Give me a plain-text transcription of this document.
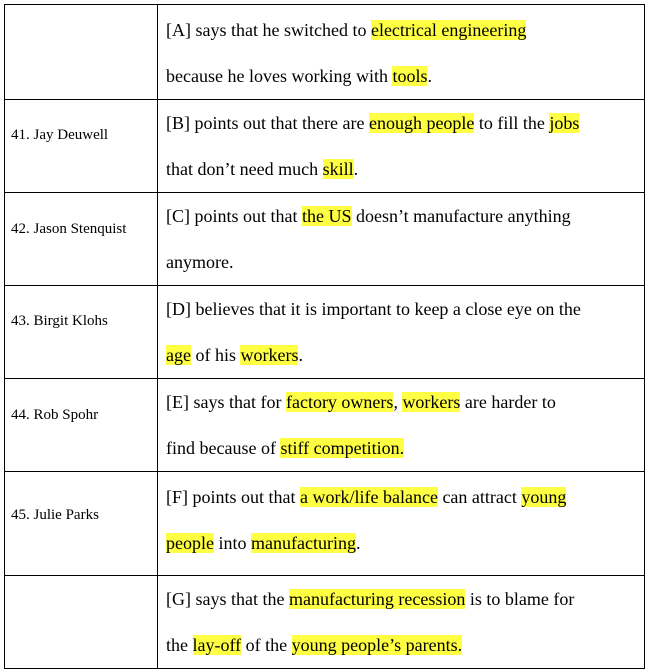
	[A] says that he switched to electrical engineering
because he loves working with tools.

41. Jay Deuwell	[B] points out that there are enough people to fill the jobs
that don’t need much skill.

42. Jason Stenquist	[C] points out that the US doesn’t manufacture anything
anymore.

43. Birgit Klohs	[D] believes that it is important to keep a close eye on the
age of his workers.

44. Rob Spohr	[E] says that for factory owners, workers are harder to
find because of stiff competition.

45. Julie Parks	[F] points out that a work/life balance can attract young
people into manufacturing.

	[G] says that the manufacturing recession is to blame for
the lay-off of the young people’s parents.
